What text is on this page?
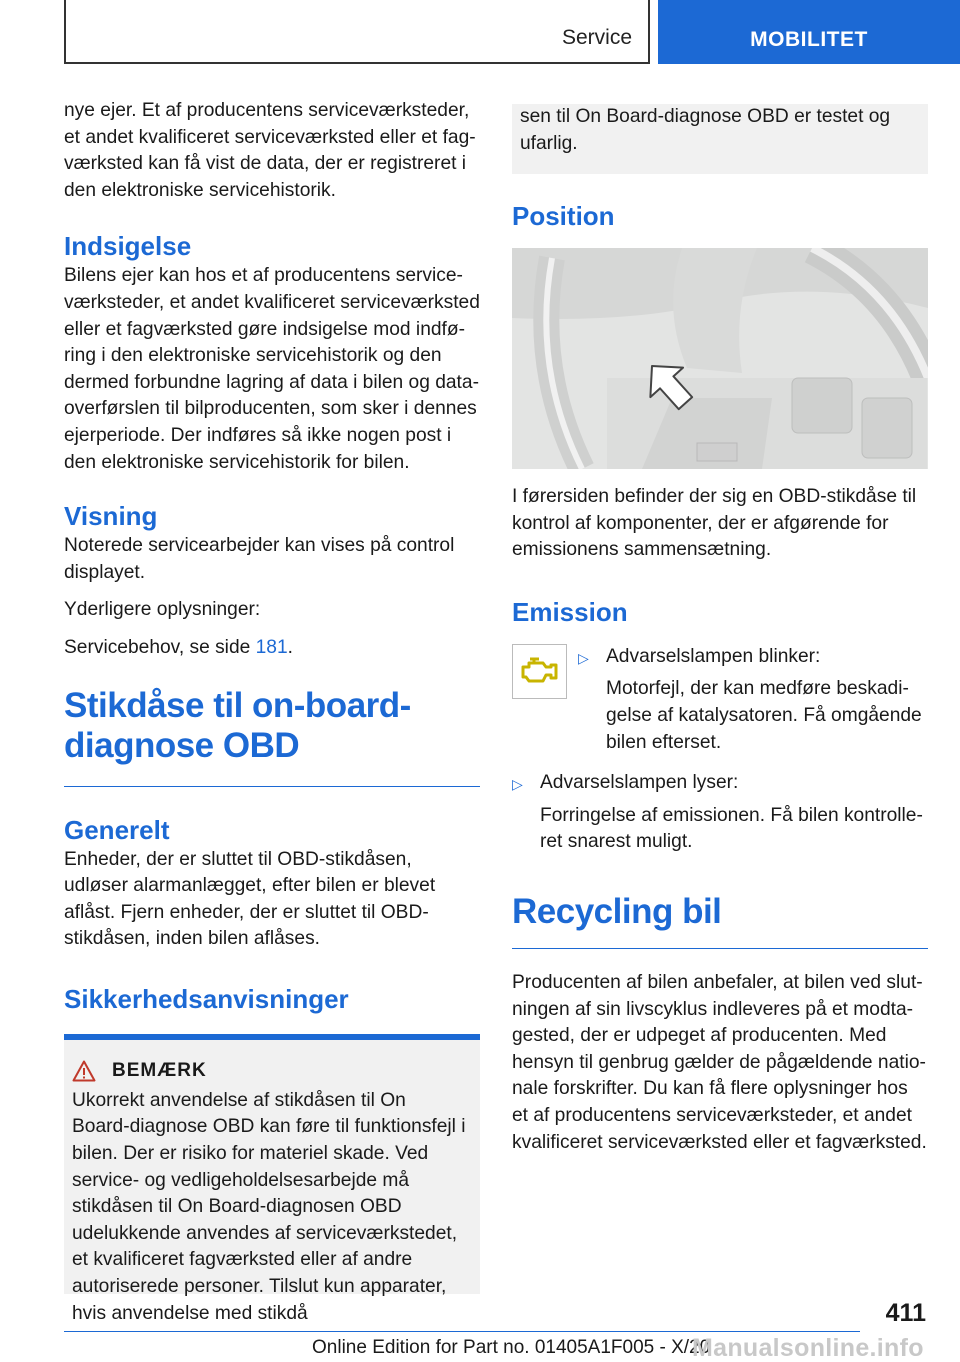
Service	MOBILITET

nye ejer. Et af producentens serviceværksteder, et andet kvalificeret serviceværksted eller et fagværksted kan få vist de data, der er registreret i den elektroniske servicehistorik.

Indsigelse

Bilens ejer kan hos et af producentens serviceværksteder, et andet kvalificeret serviceværksted eller et fagværksted gøre indsigelse mod indføring i den elektroniske servicehistorik og den dermed forbundne lagring af data i bilen og dataoverførslen til bilproducenten, som sker i dennes ejerperiode. Der indføres så ikke nogen post i den elektroniske servicehistorik for bilen.

Visning

Noterede servicearbejder kan vises på control displayet.

Yderligere oplysninger:

Servicebehov, se side 181.

Stikdåse til on-board-diagnose OBD
Generelt

Enheder, der er sluttet til OBD-stikdåsen, udløser alarmanlægget, efter bilen er blevet aflåst. Fjern enheder, der er sluttet til OBD-stikdåsen, inden bilen aflåses.

Sikkerhedsanvisninger
BEMÆRK

Ukorrekt anvendelse af stikdåsen til On Board-diagnose OBD kan føre til funktionsfejl i bilen. Der er risiko for materiel skade. Ved service- og vedligeholdelsesarbejde må stikdåsen til On Board-diagnosen OBD udelukkende anvendes af serviceværkstedet, et kvalificeret fagværksted eller af andre autoriserede personer. Tilslut kun apparater, hvis anvendelse med stikdå

sen til On Board-diagnose OBD er testet og ufarlig.

Position

I førersiden befinder der sig en OBD-stikdåse til kontrol af komponenter, der er afgørende for emissionens sammensætning.

Emission
▷ Advarselslampen blinker:

Motorfejl, der kan medføre beskadigelse af katalysatoren. Få omgående bilen efterset.

▷ Advarselslampen lyser:

Forringelse af emissionen. Få bilen kontrolleret snarest muligt.

Recycling bil

Producenten af bilen anbefaler, at bilen ved slutningen af sin livscyklus indleveres på et modtagested, der er udpeget af producenten. Med hensyn til genbrug gælder de pågældende nationale forskrifter. Du kan få flere oplysninger hos et af producentens serviceværksteder, et andet kvalificeret serviceværksted eller et fagværksted.

411
Online Edition for Part no. 01405A1F005 - X/20
Manualsonline.info
